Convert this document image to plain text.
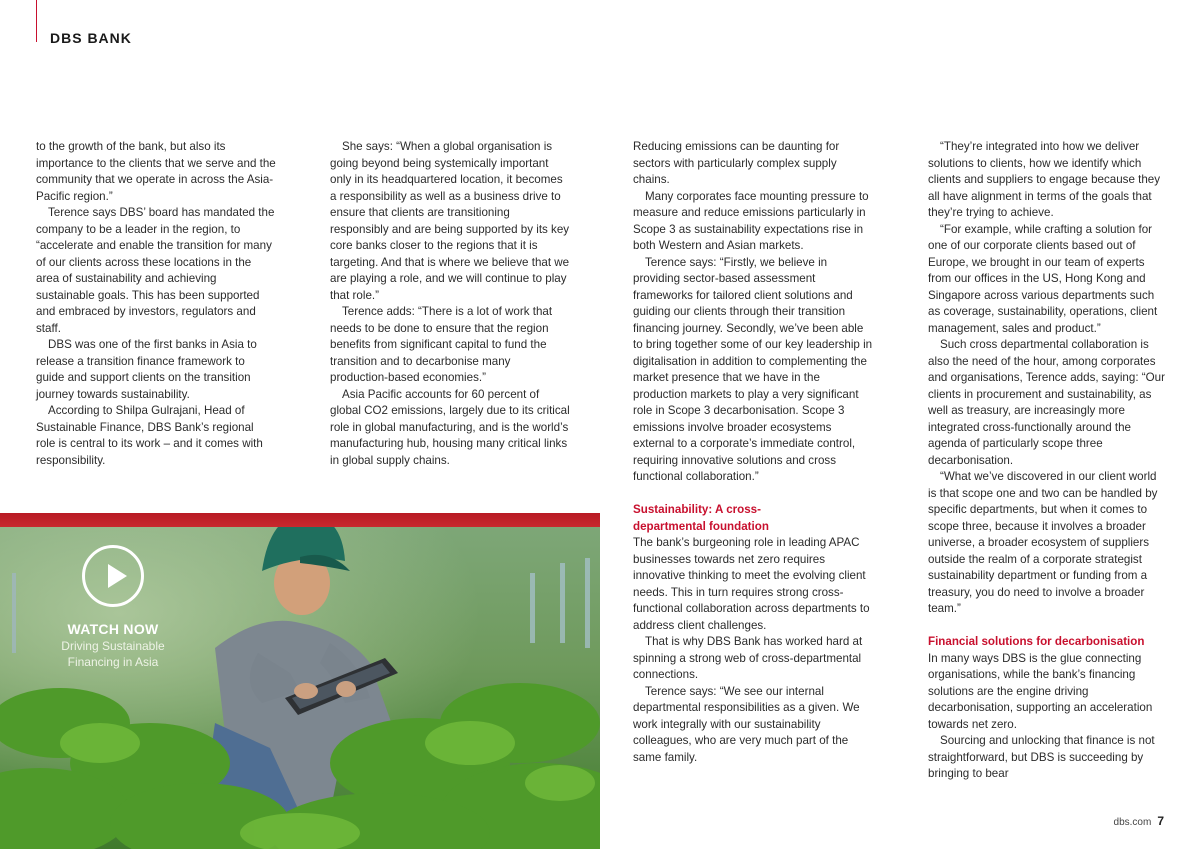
DBS BANK

to the growth of the bank, but also its importance to the clients that we serve and the community that we operate in across the Asia-Pacific region.”

Terence says DBS’ board has mandated the company to be a leader in the region, to “accelerate and enable the transition for many of our clients across these locations in the area of sustainability and achieving sustainable goals. This has been supported and embraced by investors, regulators and staff.

DBS was one of the first banks in Asia to release a transition finance framework to guide and support clients on the transition journey towards sustainability.

According to Shilpa Gulrajani, Head of Sustainable Finance, DBS Bank’s regional role is central to its work – and it comes with responsibility.

She says: “When a global organisation is going beyond being systemically important only in its headquartered location, it becomes a responsibility as well as a business drive to ensure that clients are transitioning responsibly and are being supported by its key core banks closer to the regions that it is targeting. And that is where we believe that we are playing a role, and we will continue to play that role.”

Terence adds: “There is a lot of work that needs to be done to ensure that the region benefits from significant capital to fund the transition and to decarbonise many production-based economies.”

Asia Pacific accounts for 60 percent of global CO2 emissions, largely due to its critical role in global manufacturing, and is the world’s manufacturing hub, housing many critical links in global supply chains.

Reducing emissions can be daunting for sectors with particularly complex supply chains.

Many corporates face mounting pressure to measure and reduce emissions particularly in Scope 3 as sustainability expectations rise in both Western and Asian markets.

Terence says: “Firstly, we believe in providing sector-based assessment frameworks for tailored client solutions and guiding our clients through their transition financing journey. Secondly, we’ve been able to bring together some of our key leadership in digitalisation in addition to complementing the market presence that we have in the production markets to play a very significant role in Scope 3 decarbonisation. Scope 3 emissions involve broader ecosystems external to a corporate’s immediate control, requiring innovative solutions and cross functional collaboration.”

Sustainability: A cross-departmental foundation

The bank’s burgeoning role in leading APAC businesses towards net zero requires innovative thinking to meet the evolving client needs. This in turn requires strong cross-functional collaboration across departments to address client challenges.

That is why DBS Bank has worked hard at spinning a strong web of cross-departmental connections.

Terence says: “We see our internal departmental responsibilities as a given. We work integrally with our sustainability colleagues, who are very much part of the same family.

“They’re integrated into how we deliver solutions to clients, how we identify which clients and suppliers to engage because they all have alignment in terms of the goals that they’re trying to achieve.

“For example, while crafting a solution for one of our corporate clients based out of Europe, we brought in our team of experts from our offices in the US, Hong Kong and Singapore across various departments such as coverage, sustainability, operations, client management, sales and product.”

Such cross departmental collaboration is also the need of the hour, among corporates and organisations, Terence adds, saying: “Our clients in procurement and sustainability, as well as treasury, are increasingly more integrated cross-functionally around the agenda of particularly scope three decarbonisation.

“What we’ve discovered in our client world is that scope one and two can be handled by specific departments, but when it comes to scope three, because it involves a broader universe, a broader ecosystem of suppliers outside the realm of a corporate strategist sustainability department or funding from a treasury, you do need to involve a broader team.”

Financial solutions for decarbonisation

In many ways DBS is the glue connecting organisations, while the bank’s financing solutions are the engine driving decarbonisation, supporting an acceleration towards net zero.

Sourcing and unlocking that finance is not straightforward, but DBS is succeeding by bringing to bear

WATCH NOW
Driving Sustainable
Financing in Asia
dbs.com 7
